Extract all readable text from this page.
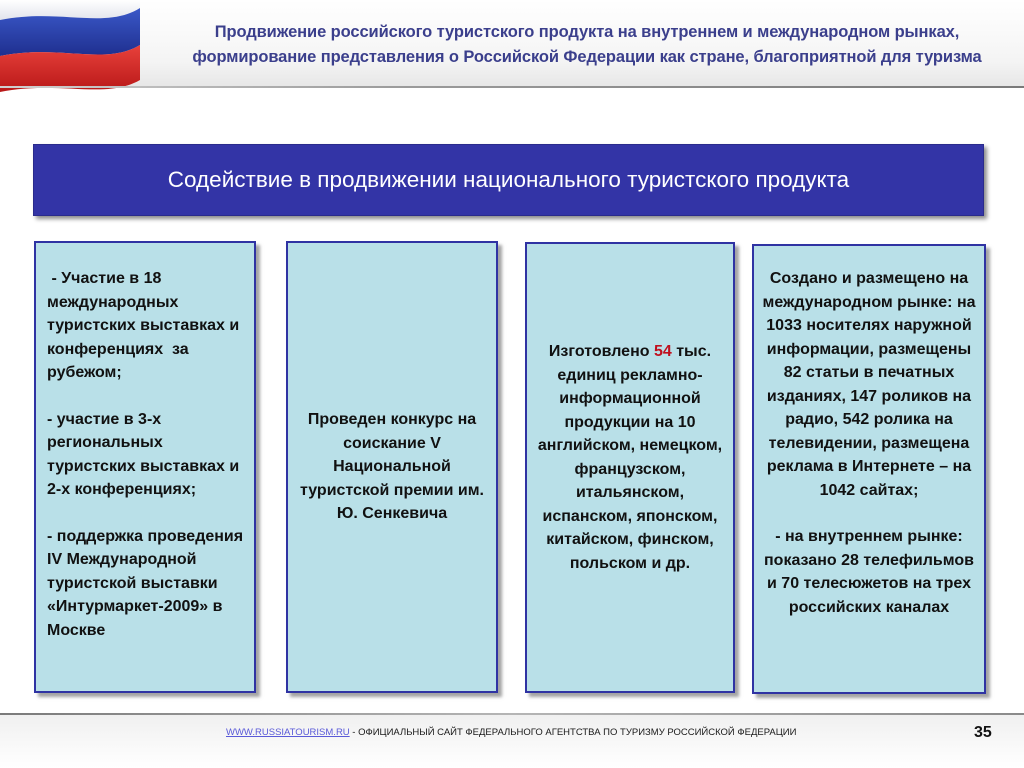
Продвижение российского туристского продукта на внутреннем и международном рынках,
формирование представления о Российской Федерации как стране, благоприятной для туризма
Содействие в продвижении национального туристского продукта

- Участие в 18 международных туристских выставках и конференциях  за рубежом;

- участие в 3-х региональных туристских выставках и 2-х конференциях;

- поддержка проведения IV Международной туристской выставки «Интурмаркет-2009» в Москве

Проведен конкурс на соискание V Национальной туристской премии им. Ю. Сенкевича

Изготовлено 54 тыс. единиц рекламно-информационной продукции на 10 английском, немецком, французском, итальянском, испанском, японском, китайском, финском, польском и др.

Создано и размещено на международном рынке: на 1033 носителях наружной информации, размещены 82 статьи в печатных изданиях, 147 роликов на радио, 542 ролика на телевидении, размещена реклама в Интернете – на 1042 сайтах;

- на внутреннем рынке: показано 28 телефильмов и 70 телесюжетов на трех российских каналах

WWW.RUSSIATOURISM.RU - ОФИЦИАЛЬНЫЙ САЙТ ФЕДЕРАЛЬНОГО АГЕНТСТВА ПО ТУРИЗМУ РОССИЙСКОЙ ФЕДЕРАЦИИ	35
